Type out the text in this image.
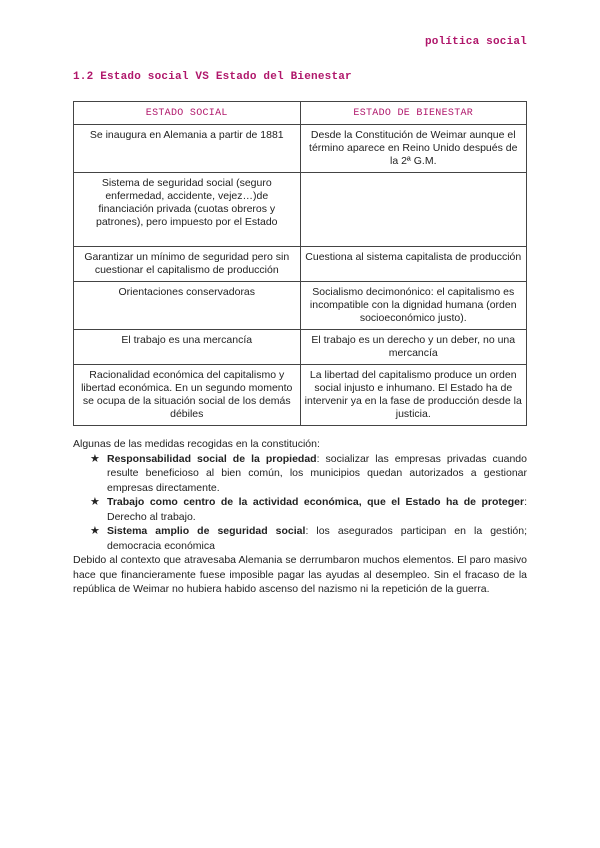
política social
1.2 Estado social VS Estado del Bienestar
ESTADO SOCIAL	ESTADO DE BIENESTAR
Se inaugura en Alemania a partir de 1881	Desde la Constitución de Weimar aunque el término aparece en Reino Unido después de la 2ª G.M.
Sistema de seguridad social (seguro enfermedad, accidente, vejez…)de financiación privada (cuotas obreros y patrones), pero impuesto por el Estado	
Garantizar un mínimo de seguridad pero sin cuestionar el capitalismo de producción	Cuestiona al sistema capitalista de producción
Orientaciones conservadoras	Socialismo decimonónico: el capitalismo es incompatible con la dignidad humana (orden socioeconómico justo).
El trabajo es una mercancía	El trabajo es un derecho y un deber, no una mercancía
Racionalidad económica del capitalismo y libertad económica. En un segundo momento se ocupa de la situación social de los demás débiles	La libertad del capitalismo produce un orden social injusto e inhumano. El Estado ha de intervenir ya en la fase de producción desde la justicia.

Algunas de las medidas recogidas en la constitución:

★ Responsabilidad social de la propiedad: socializar las empresas privadas cuando resulte beneficioso al bien común, los municipios quedan autorizados a gestionar empresas directamente.
★ Trabajo como centro de la actividad económica, que el Estado ha de proteger: Derecho al trabajo.
★ Sistema amplio de seguridad social: los asegurados participan en la gestión; democracia económica

Debido al contexto que atravesaba Alemania se derrumbaron muchos elementos. El paro masivo hace que financieramente fuese imposible pagar las ayudas al desempleo. Sin el fracaso de la república de Weimar no hubiera habido ascenso del nazismo ni la repetición de la guerra.
